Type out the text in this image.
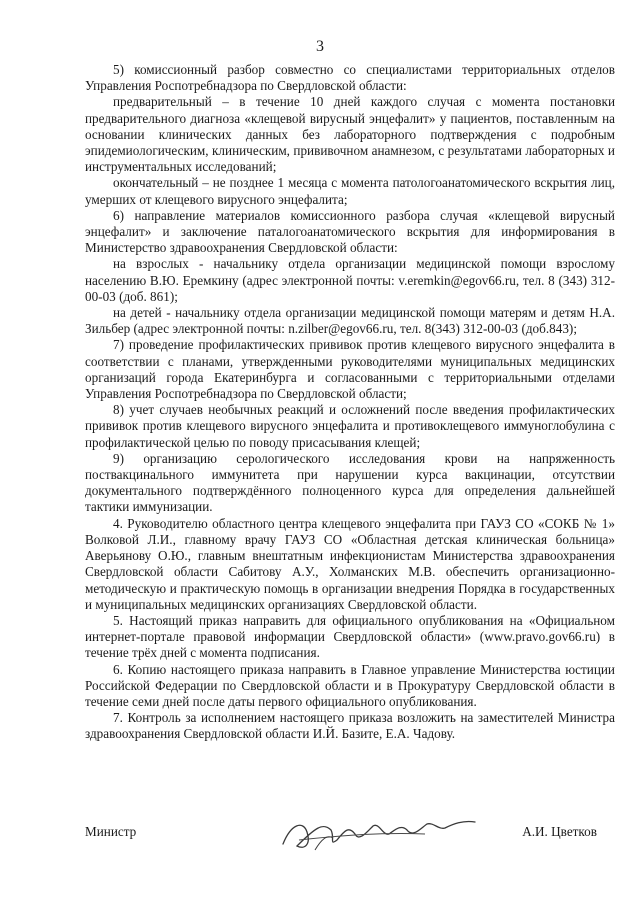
3

5) комиссионный разбор совместно со специалистами территориальных отделов Управления Роспотребнадзора по Свердловской области:

предварительный – в течение 10 дней каждого случая с момента постановки предварительного диагноза «клещевой вирусный энцефалит» у пациентов, поставленным на основании клинических данных без лабораторного подтверждения с подробным эпидемиологическим, клиническим, прививочном анамнезом, с результатами лабораторных и инструментальных исследований;

окончательный – не позднее 1 месяца с момента патологоанатомического вскрытия лиц, умерших от клещевого вирусного энцефалита;

6) направление материалов комиссионного разбора случая «клещевой вирусный энцефалит» и заключение паталогоанатомического вскрытия для информирования в Министерство здравоохранения Свердловской области:

на взрослых - начальнику отдела организации медицинской помощи взрослому населению В.Ю. Еремкину (адрес электронной почты: v.eremkin@egov66.ru, тел. 8 (343) 312-00-03 (доб. 861);

на детей - начальнику отдела организации медицинской помощи матерям и детям Н.А. Зильбер (адрес электронной почты: n.zilber@egov66.ru, тел. 8(343) 312-00-03 (доб.843);

7) проведение профилактических прививок против клещевого вирусного энцефалита в соответствии с планами, утвержденными руководителями муниципальных медицинских организаций города Екатеринбурга и согласованными с территориальными отделами Управления Роспотребнадзора по Свердловской области;

8) учет случаев необычных реакций и осложнений после введения профилактических прививок против клещевого вирусного энцефалита и противоклещевого иммуноглобулина с профилактической целью по поводу присасывания клещей;

9) организацию серологического исследования крови на напряженность поствакцинального иммунитета при нарушении курса вакцинации, отсутствии документального подтверждённого полноценного курса для определения дальнейшей тактики иммунизации.

4. Руководителю областного центра клещевого энцефалита при ГАУЗ СО «СОКБ № 1» Волковой Л.И., главному врачу ГАУЗ СО «Областная детская клиническая больница» Аверьянову О.Ю., главным внештатным инфекционистам Министерства здравоохранения Свердловской области Сабитову А.У., Холманских М.В. обеспечить организационно-методическую и практическую помощь в организации внедрения Порядка в государственных и муниципальных медицинских организациях Свердловской области.

5. Настоящий приказ направить для официального опубликования на «Официальном интернет-портале правовой информации Свердловской области» (www.pravo.gov66.ru) в течение трёх дней с момента подписания.

6. Копию настоящего приказа направить в Главное управление Министерства юстиции Российской Федерации по Свердловской области и в Прокуратуру Свердловской области в течение семи дней после даты первого официального опубликования.

7. Контроль за исполнением настоящего приказа возложить на заместителей Министра здравоохранения Свердловской области И.Й. Базите, Е.А. Чадову.

Министр	А.И. Цветков
